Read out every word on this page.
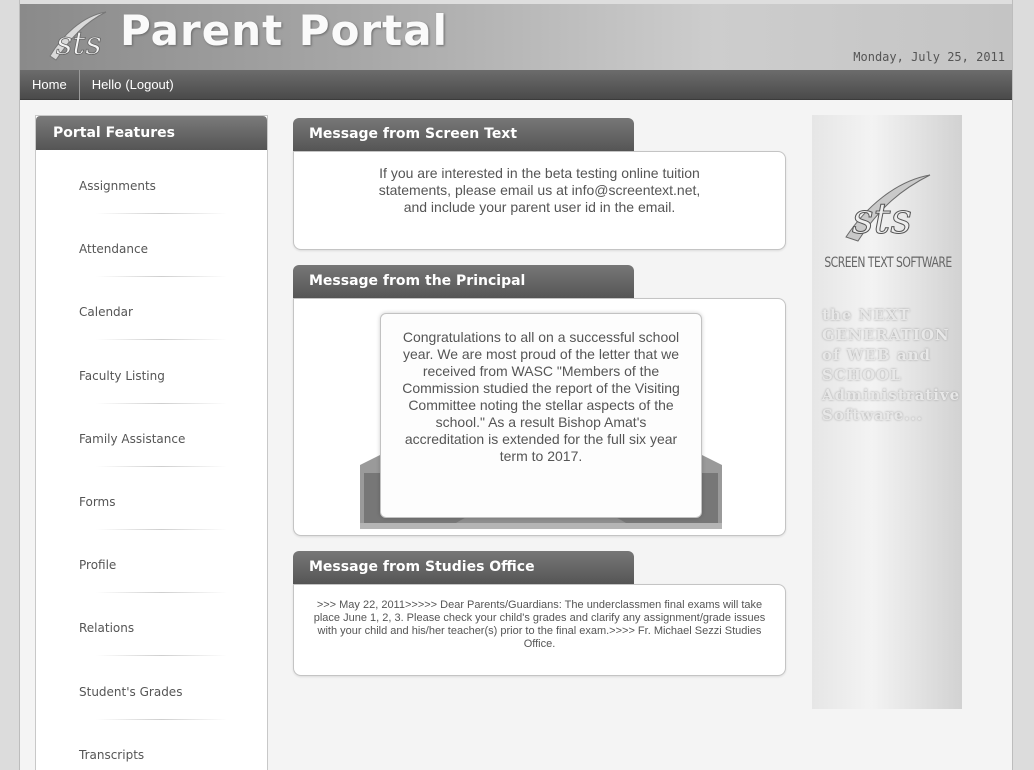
sts Parent Portal
Monday, July 25, 2011
Home	Hello (Logout)
Portal Features
Assignments
Attendance
Calendar
Faculty Listing
Family Assistance
Forms
Profile
Relations
Student's Grades
Transcripts
Message from Screen Text
If you are interested in the beta testing online tuition statements, please email us at info@screentext.net, and include your parent user id in the email.
Message from the Principal
Congratulations to all on a successful school year. We are most proud of the letter that we received from WASC "Members of the Commission studied the report of the Visiting Committee noting the stellar aspects of the school." As a result Bishop Amat's accreditation is extended for the full six year term to 2017.
Message from Studies Office
>>> May 22, 2011>>>>> Dear Parents/Guardians: The underclassmen final exams will take place June 1, 2, 3. Please check your child's grades and clarify any assignment/grade issues with your child and his/her teacher(s) prior to the final exam.>>>> Fr. Michael Sezzi Studies Office.
sts
SCREEN TEXT SOFTWARE
the NEXT GENERATION of WEB and SCHOOL Administrative Software...
